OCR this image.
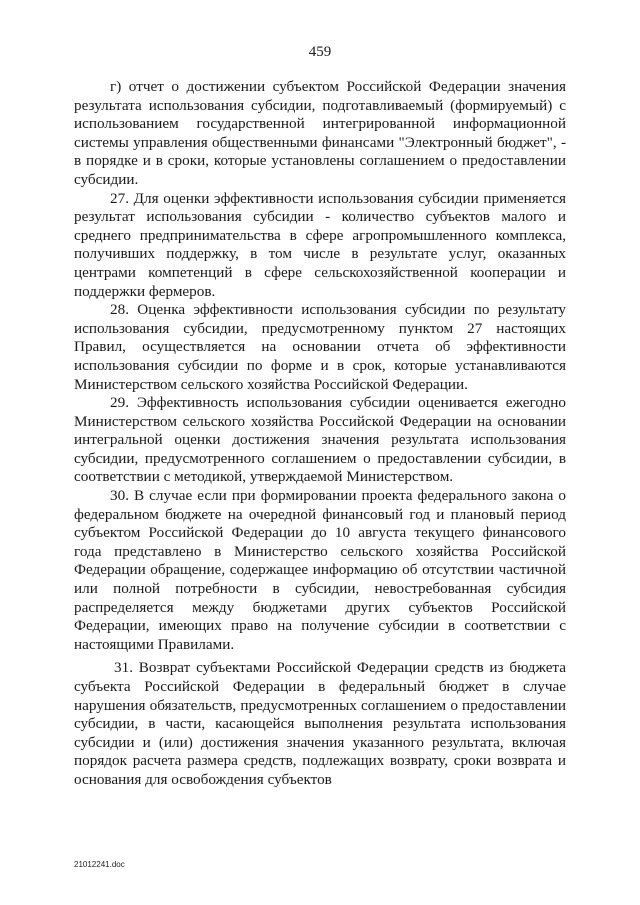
459

г) отчет о достижении субъектом Российской Федерации значения результата использования субсидии, подготавливаемый (формируемый) с использованием государственной интегрированной информационной системы управления общественными финансами "Электронный бюджет", - в порядке и в сроки, которые установлены соглашением о предоставлении субсидии.

27. Для оценки эффективности использования субсидии применяется результат использования субсидии - количество субъектов малого и среднего предпринимательства в сфере агропромышленного комплекса, получивших поддержку, в том числе в результате услуг, оказанных центрами компетенций в сфере сельскохозяйственной кооперации и поддержки фермеров.

28. Оценка эффективности использования субсидии по результату использования субсидии, предусмотренному пунктом 27 настоящих Правил, осуществляется на основании отчета об эффективности использования субсидии по форме и в срок, которые устанавливаются Министерством сельского хозяйства Российской Федерации.

29. Эффективность использования субсидии оценивается ежегодно Министерством сельского хозяйства Российской Федерации на основании интегральной оценки достижения значения результата использования субсидии, предусмотренного соглашением о предоставлении субсидии, в соответствии с методикой, утверждаемой Министерством.

30. В случае если при формировании проекта федерального закона о федеральном бюджете на очередной финансовый год и плановый период субъектом Российской Федерации до 10 августа текущего финансового года представлено в Министерство сельского хозяйства Российской Федерации обращение, содержащее информацию об отсутствии частичной или полной потребности в субсидии, невостребованная субсидия распределяется между бюджетами других субъектов Российской Федерации, имеющих право на получение субсидии в соответствии с настоящими Правилами.

31. Возврат субъектами Российской Федерации средств из бюджета субъекта Российской Федерации в федеральный бюджет в случае нарушения обязательств, предусмотренных соглашением о предоставлении субсидии, в части, касающейся выполнения результата использования субсидии и (или) достижения значения указанного результата, включая порядок расчета размера средств, подлежащих возврату, сроки возврата и основания для освобождения субъектов

21012241.doc
